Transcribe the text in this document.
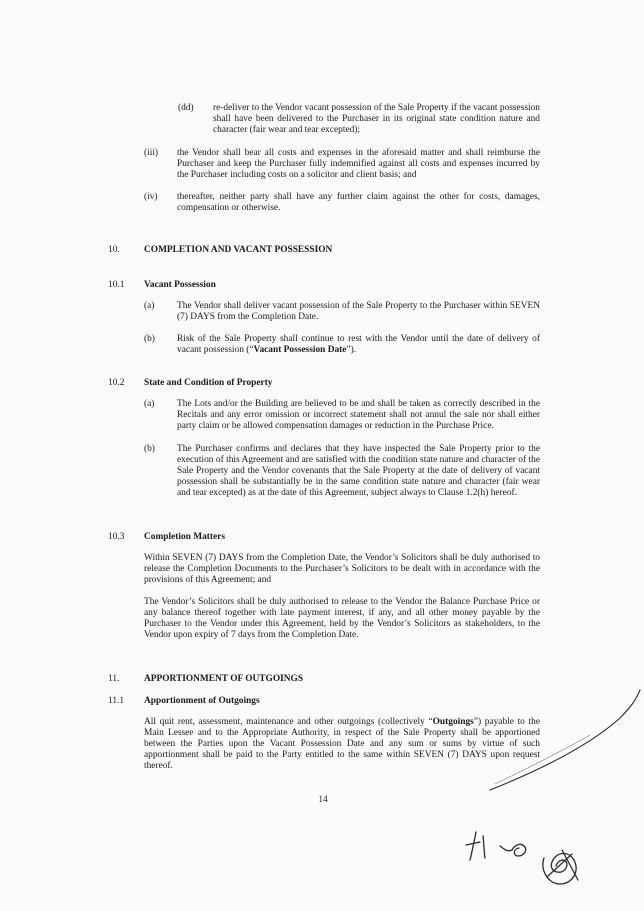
(dd) re-deliver to the Vendor vacant possession of the Sale Property if the vacant possession shall have been delivered to the Purchaser in its original state condition nature and character (fair wear and tear excepted);
(iii) the Vendor shall bear all costs and expenses in the aforesaid matter and shall reimburse the Purchaser and keep the Purchaser fully indemnified against all costs and expenses incurred by the Purchaser including costs on a solicitor and client basis; and
(iv) thereafter, neither party shall have any further claim against the other for costs, damages, compensation or otherwise.
10.	COMPLETION AND VACANT POSSESSION
10.1 Vacant Possession
(a) The Vendor shall deliver vacant possession of the Sale Property to the Purchaser within SEVEN (7) DAYS from the Completion Date.
(b) Risk of the Sale Property shall continue to rest with the Vendor until the date of delivery of vacant possession (“Vacant Possession Date”).
10.2 State and Condition of Property
(a) The Lots and/or the Building are believed to be and shall be taken as correctly described in the Recitals and any error omission or incorrect statement shall not annul the sale nor shall either party claim or be allowed compensation damages or reduction in the Purchase Price.
(b) The Purchaser confirms and declares that they have inspected the Sale Property prior to the execution of this Agreement and are satisfied with the condition state nature and character of the Sale Property and the Vendor covenants that the Sale Property at the date of delivery of vacant possession shall be substantially be in the same condition state nature and character (fair wear and tear excepted) as at the date of this Agreement, subject always to Clause 1.2(h) hereof.
10.3 Completion Matters
Within SEVEN (7) DAYS from the Completion Date, the Vendor’s Solicitors shall be duly authorised to release the Completion Documents to the Purchaser’s Solicitors to be dealt with in accordance with the provisions of this Agreement; and
The Vendor’s Solicitors shall be duly authorised to release to the Vendor the Balance Purchase Price or any balance thereof together with late payment interest, if any, and all other money payable by the Purchaser to the Vendor under this Agreement, held by the Vendor’s Solicitors as stakeholders, to the Vendor upon expiry of 7 days from the Completion Date.
11.	APPORTIONMENT OF OUTGOINGS
11.1 Apportionment of Outgoings
All quit rent, assessment, maintenance and other outgoings (collectively “Outgoings”) payable to the Main Lessee and to the Appropriate Authority, in respect of the Sale Property shall be apportioned between the Parties upon the Vacant Possession Date and any sum or sums by virtue of such apportionment shall be paid to the Party entitled to the same within SEVEN (7) DAYS upon request thereof.
14
